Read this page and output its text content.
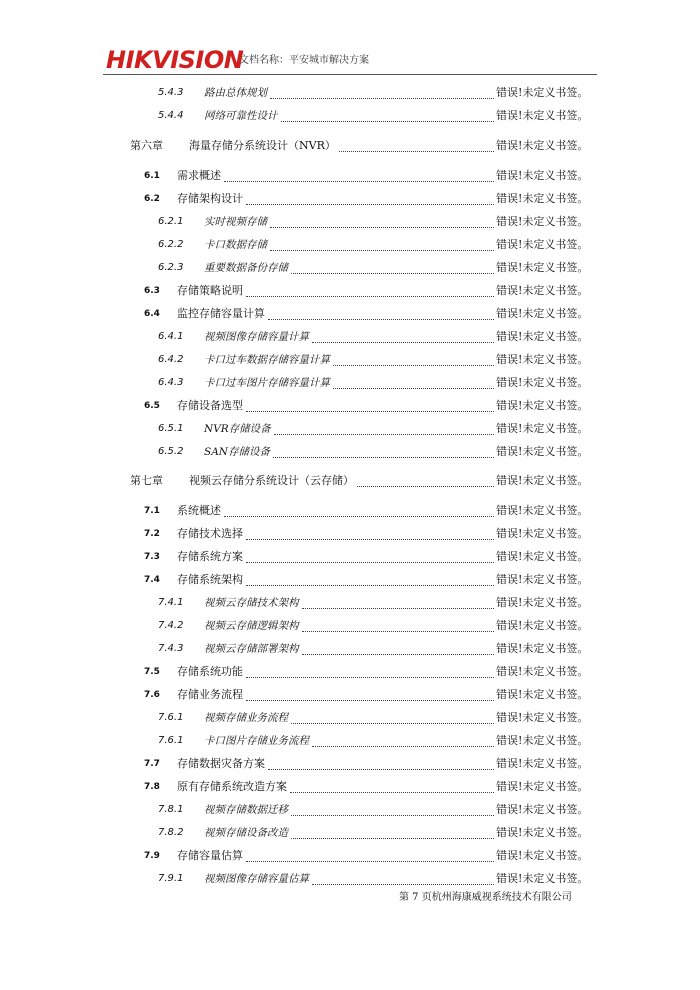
HIKVISION
文档名称：平安城市解决方案
5.4.3 路由总体规划	错误!未定义书签。
5.4.4 网络可靠性设计	错误!未定义书签。
第六章 海量存储分系统设计（NVR）	错误!未定义书签。
6.1 需求概述	错误!未定义书签。
6.2 存储架构设计	错误!未定义书签。
6.2.1 实时视频存储	错误!未定义书签。
6.2.2 卡口数据存储	错误!未定义书签。
6.2.3 重要数据备份存储	错误!未定义书签。
6.3 存储策略说明	错误!未定义书签。
6.4 监控存储容量计算	错误!未定义书签。
6.4.1 视频图像存储容量计算	错误!未定义书签。
6.4.2 卡口过车数据存储容量计算	错误!未定义书签。
6.4.3 卡口过车图片存储容量计算	错误!未定义书签。
6.5 存储设备选型	错误!未定义书签。
6.5.1 NVR存储设备	错误!未定义书签。
6.5.2 SAN存储设备	错误!未定义书签。
第七章 视频云存储分系统设计（云存储）	错误!未定义书签。
7.1 系统概述	错误!未定义书签。
7.2 存储技术选择	错误!未定义书签。
7.3 存储系统方案	错误!未定义书签。
7.4 存储系统架构	错误!未定义书签。
7.4.1 视频云存储技术架构	错误!未定义书签。
7.4.2 视频云存储逻辑架构	错误!未定义书签。
7.4.3 视频云存储部署架构	错误!未定义书签。
7.5 存储系统功能	错误!未定义书签。
7.6 存储业务流程	错误!未定义书签。
7.6.1 视频存储业务流程	错误!未定义书签。
7.6.1 卡口图片存储业务流程	错误!未定义书签。
7.7 存储数据灾备方案	错误!未定义书签。
7.8 原有存储系统改造方案	错误!未定义书签。
7.8.1 视频存储数据迁移	错误!未定义书签。
7.8.2 视频存储设备改造	错误!未定义书签。
7.9 存储容量估算	错误!未定义书签。
7.9.1 视频图像存储容量估算	错误!未定义书签。
第 7 页杭州海康威视系统技术有限公司
